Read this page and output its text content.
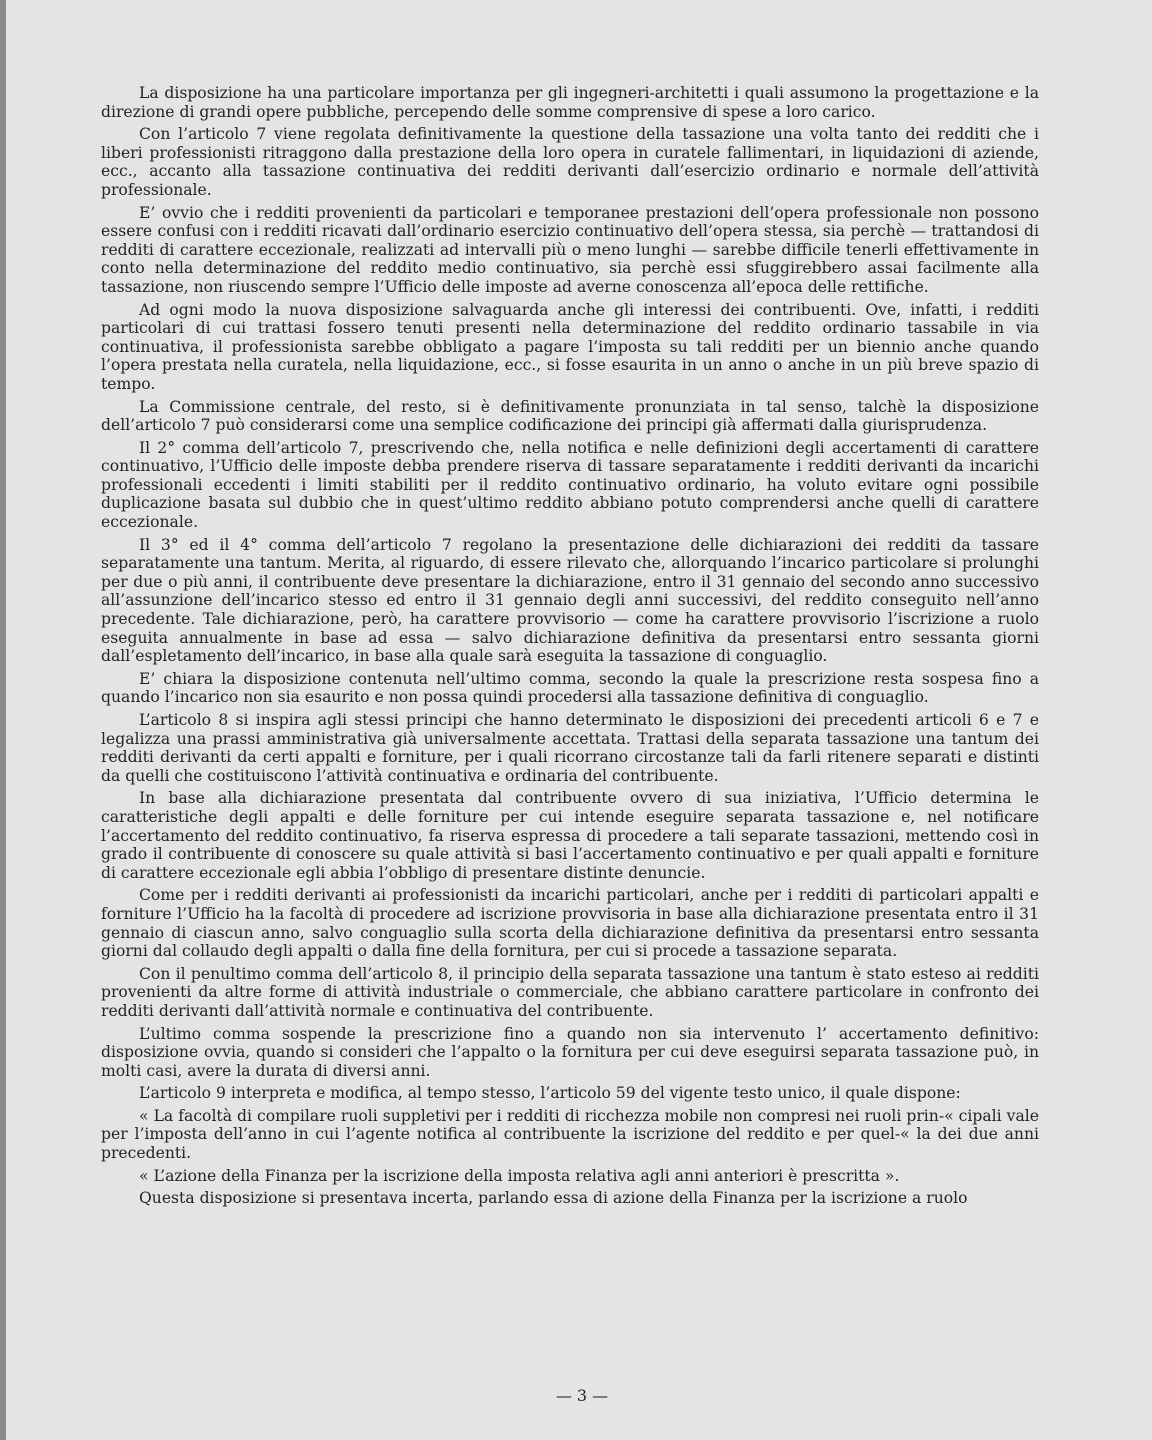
La disposizione ha una particolare importanza per gli ingegneri-architetti i quali assumono la progettazione e la direzione di grandi opere pubbliche, percependo delle somme comprensive di spese a loro carico.

Con l’articolo 7 viene regolata definitivamente la questione della tassazione una volta tanto dei redditi che i liberi professionisti ritraggono dalla prestazione della loro opera in curatele fallimentari, in liquidazioni di aziende, ecc., accanto alla tassazione continuativa dei redditi derivanti dall’esercizio ordinario e normale dell’attività professionale.

E’ ovvio che i redditi provenienti da particolari e temporanee prestazioni dell’opera professionale non possono essere confusi con i redditi ricavati dall’ordinario esercizio continuativo dell’opera stessa, sia perchè — trattandosi di redditi di carattere eccezionale, realizzati ad intervalli più o meno lunghi — sarebbe difficile tenerli effettivamente in conto nella determinazione del reddito medio continuativo, sia perchè essi sfuggirebbero assai facilmente alla tassazione, non riuscendo sempre l’Ufficio delle imposte ad averne conoscenza all’epoca delle rettifiche.

Ad ogni modo la nuova disposizione salvaguarda anche gli interessi dei contribuenti. Ove, infatti, i redditi particolari di cui trattasi fossero tenuti presenti nella determinazione del reddito ordinario tassabile in via continuativa, il professionista sarebbe obbligato a pagare l’imposta su tali redditi per un biennio anche quando l’opera prestata nella curatela, nella liquidazione, ecc., si fosse esaurita in un anno o anche in un più breve spazio di tempo.

La Commissione centrale, del resto, si è definitivamente pronunziata in tal senso, talchè la disposizione dell’articolo 7 può considerarsi come una semplice codificazione dei principi già affermati dalla giurisprudenza.

Il 2° comma dell’articolo 7, prescrivendo che, nella notifica e nelle definizioni degli accertamenti di carattere continuativo, l’Ufficio delle imposte debba prendere riserva di tassare separatamente i redditi derivanti da incarichi professionali eccedenti i limiti stabiliti per il reddito continuativo ordinario, ha voluto evitare ogni possibile duplicazione basata sul dubbio che in quest’ultimo reddito abbiano potuto comprendersi anche quelli di carattere eccezionale.

Il 3° ed il 4° comma dell’articolo 7 regolano la presentazione delle dichiarazioni dei redditi da tassare separatamente una tantum. Merita, al riguardo, di essere rilevato che, allorquando l’incarico particolare si prolunghi per due o più anni, il contribuente deve presentare la dichiarazione, entro il 31 gennaio del secondo anno successivo all’assunzione dell’incarico stesso ed entro il 31 gennaio degli anni successivi, del reddito conseguito nell’anno precedente. Tale dichiarazione, però, ha carattere provvisorio — come ha carattere provvisorio l’iscrizione a ruolo eseguita annualmente in base ad essa — salvo dichiarazione definitiva da presentarsi entro sessanta giorni dall’espletamento dell’incarico, in base alla quale sarà eseguita la tassazione di conguaglio.

E’ chiara la disposizione contenuta nell’ultimo comma, secondo la quale la prescrizione resta sospesa fino a quando l’incarico non sia esaurito e non possa quindi procedersi alla tassazione definitiva di conguaglio.

L’articolo 8 si inspira agli stessi principi che hanno determinato le disposizioni dei precedenti articoli 6 e 7 e legalizza una prassi amministrativa già universalmente accettata. Trattasi della separata tassazione una tantum dei redditi derivanti da certi appalti e forniture, per i quali ricorrano circostanze tali da farli ritenere separati e distinti da quelli che costituiscono l’attività continuativa e ordinaria del contribuente.

In base alla dichiarazione presentata dal contribuente ovvero di sua iniziativa, l’Ufficio determina le caratteristiche degli appalti e delle forniture per cui intende eseguire separata tassazione e, nel notificare l’accertamento del reddito continuativo, fa riserva espressa di procedere a tali separate tassazioni, mettendo così in grado il contribuente di conoscere su quale attività si basi l’accertamento continuativo e per quali appalti e forniture di carattere eccezionale egli abbia l’obbligo di presentare distinte denuncie.

Come per i redditi derivanti ai professionisti da incarichi particolari, anche per i redditi di particolari appalti e forniture l’Ufficio ha la facoltà di procedere ad iscrizione provvisoria in base alla dichiarazione presentata entro il 31 gennaio di ciascun anno, salvo conguaglio sulla scorta della dichiarazione definitiva da presentarsi entro sessanta giorni dal collaudo degli appalti o dalla fine della fornitura, per cui si procede a tassazione separata.

Con il penultimo comma dell’articolo 8, il principio della separata tassazione una tantum è stato esteso ai redditi provenienti da altre forme di attività industriale o commerciale, che abbiano carattere particolare in confronto dei redditi derivanti dall’attività normale e continuativa del contribuente.

L’ultimo comma sospende la prescrizione fino a quando non sia intervenuto l’ accertamento definitivo: disposizione ovvia, quando si consideri che l’appalto o la fornitura per cui deve eseguirsi separata tassazione può, in molti casi, avere la durata di diversi anni.

L’articolo 9 interpreta e modifica, al tempo stesso, l’articolo 59 del vigente testo unico, il quale dispone:

« La facoltà di compilare ruoli suppletivi per i redditi di ricchezza mobile non compresi nei ruoli prin-« cipali vale per l’imposta dell’anno in cui l’agente notifica al contribuente la iscrizione del reddito e per quel-« la dei due anni precedenti.

« L’azione della Finanza per la iscrizione della imposta relativa agli anni anteriori è prescritta ».

Questa disposizione si presentava incerta, parlando essa di azione della Finanza per la iscrizione a ruolo

— 3 —
